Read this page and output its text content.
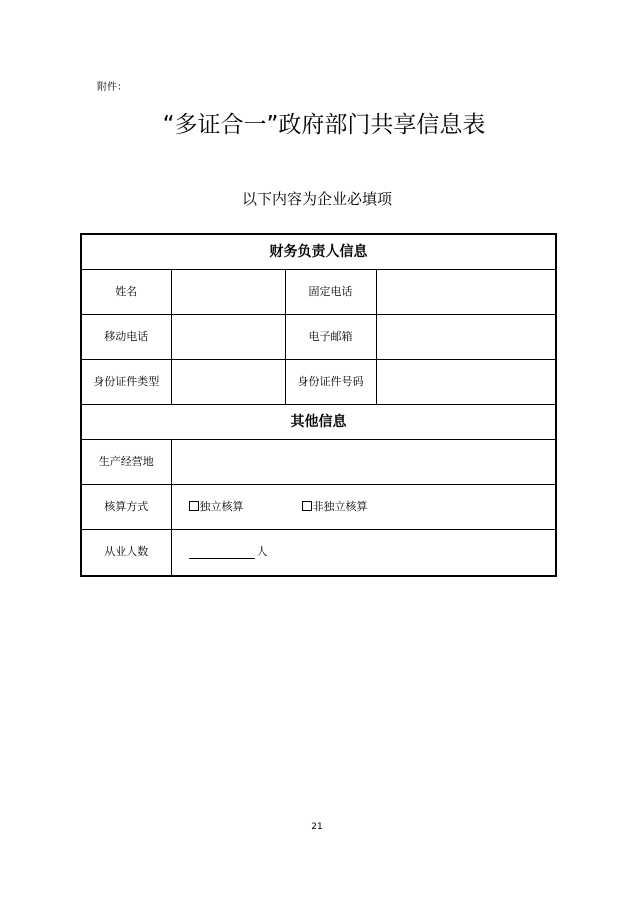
附件：
“多证合一”政府部门共享信息表
以下内容为企业必填项
财务负责人信息			
姓名		固定电话	
移动电话		电子邮箱	
身份证件类型		身份证件号码	
其他信息			
生产经营地			
核算方式	独立核算 非独立核算		
从业人数	人		
21
